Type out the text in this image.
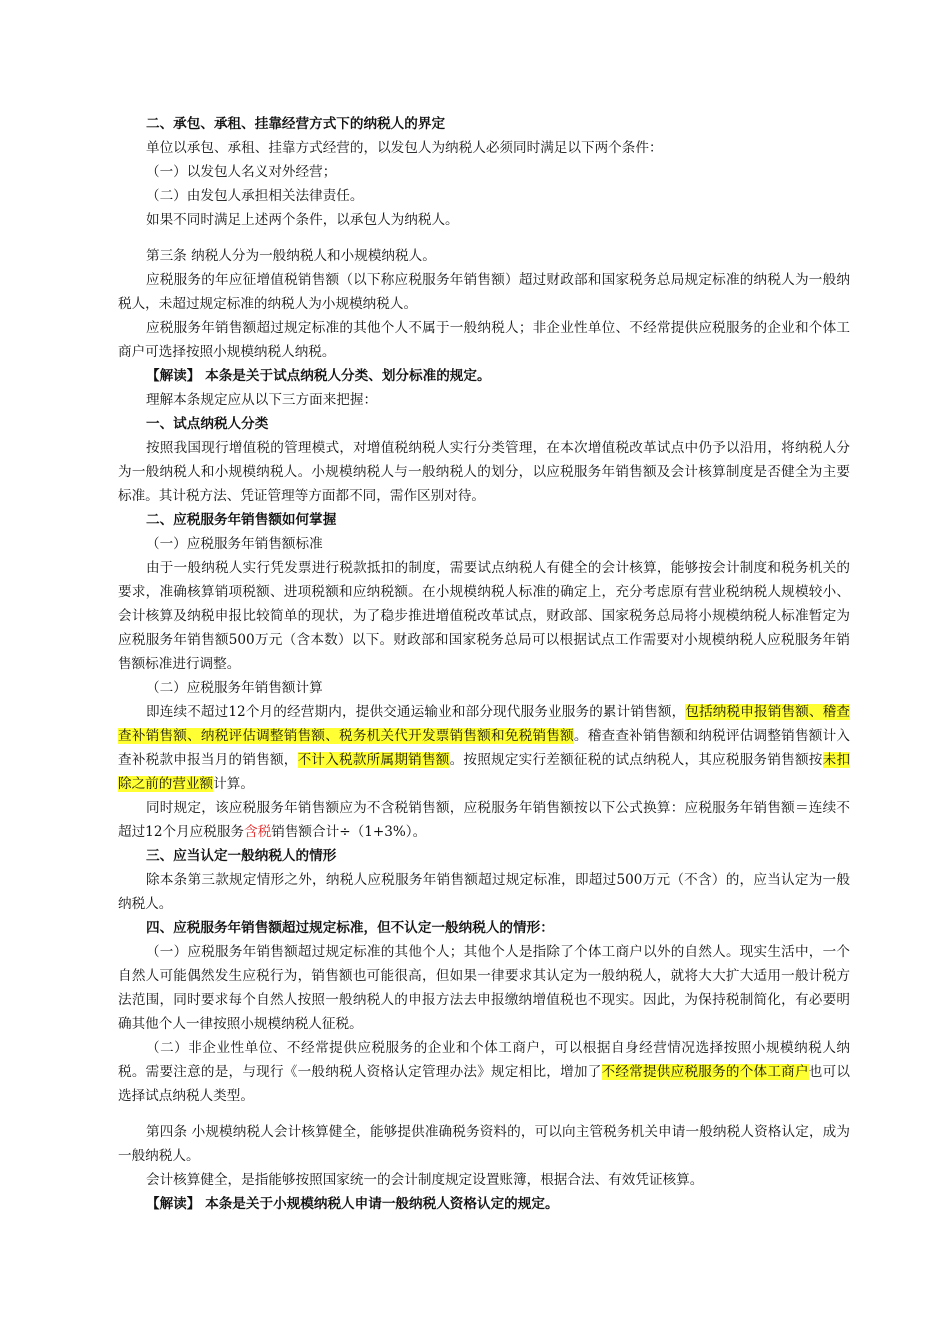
二、承包、承租、挂靠经营方式下的纳税人的界定

单位以承包、承租、挂靠方式经营的，以发包人为纳税人必须同时满足以下两个条件：

（一）以发包人名义对外经营；

（二）由发包人承担相关法律责任。

如果不同时满足上述两个条件，以承包人为纳税人。

第三条 纳税人分为一般纳税人和小规模纳税人。

应税服务的年应征增值税销售额（以下称应税服务年销售额）超过财政部和国家税务总局规定标准的纳税人为一般纳税人，未超过规定标准的纳税人为小规模纳税人。

应税服务年销售额超过规定标准的其他个人不属于一般纳税人；非企业性单位、不经常提供应税服务的企业和个体工商户可选择按照小规模纳税人纳税。

【解读】 本条是关于试点纳税人分类、划分标准的规定。

理解本条规定应从以下三方面来把握：

一、试点纳税人分类

按照我国现行增值税的管理模式，对增值税纳税人实行分类管理，在本次增值税改革试点中仍予以沿用，将纳税人分为一般纳税人和小规模纳税人。小规模纳税人与一般纳税人的划分，以应税服务年销售额及会计核算制度是否健全为主要标准。其计税方法、凭证管理等方面都不同，需作区别对待。

二、应税服务年销售额如何掌握

（一）应税服务年销售额标准

由于一般纳税人实行凭发票进行税款抵扣的制度，需要试点纳税人有健全的会计核算，能够按会计制度和税务机关的要求，准确核算销项税额、进项税额和应纳税额。在小规模纳税人标准的确定上，充分考虑原有营业税纳税人规模较小、会计核算及纳税申报比较简单的现状，为了稳步推进增值税改革试点，财政部、国家税务总局将小规模纳税人标准暂定为应税服务年销售额500万元（含本数）以下。财政部和国家税务总局可以根据试点工作需要对小规模纳税人应税服务年销售额标准进行调整。

（二）应税服务年销售额计算

即连续不超过12个月的经营期内，提供交通运输业和部分现代服务业服务的累计销售额，包括纳税申报销售额、稽查查补销售额、纳税评估调整销售额、税务机关代开发票销售额和免税销售额。稽查查补销售额和纳税评估调整销售额计入查补税款申报当月的销售额，不计入税款所属期销售额。按照规定实行差额征税的试点纳税人，其应税服务销售额按未扣除之前的营业额计算。

同时规定，该应税服务年销售额应为不含税销售额，应税服务年销售额按以下公式换算：应税服务年销售额＝连续不超过12个月应税服务含税销售额合计÷（1+3%）。

三、应当认定一般纳税人的情形

除本条第三款规定情形之外，纳税人应税服务年销售额超过规定标准，即超过500万元（不含）的，应当认定为一般纳税人。

四、应税服务年销售额超过规定标准，但不认定一般纳税人的情形：

（一）应税服务年销售额超过规定标准的其他个人；其他个人是指除了个体工商户以外的自然人。现实生活中，一个自然人可能偶然发生应税行为，销售额也可能很高，但如果一律要求其认定为一般纳税人，就将大大扩大适用一般计税方法范围，同时要求每个自然人按照一般纳税人的申报方法去申报缴纳增值税也不现实。因此，为保持税制简化，有必要明确其他个人一律按照小规模纳税人征税。

（二）非企业性单位、不经常提供应税服务的企业和个体工商户，可以根据自身经营情况选择按照小规模纳税人纳税。需要注意的是，与现行《一般纳税人资格认定管理办法》规定相比，增加了不经常提供应税服务的个体工商户也可以选择试点纳税人类型。

第四条 小规模纳税人会计核算健全，能够提供准确税务资料的，可以向主管税务机关申请一般纳税人资格认定，成为一般纳税人。

会计核算健全，是指能够按照国家统一的会计制度规定设置账簿，根据合法、有效凭证核算。

【解读】 本条是关于小规模纳税人申请一般纳税人资格认定的规定。
